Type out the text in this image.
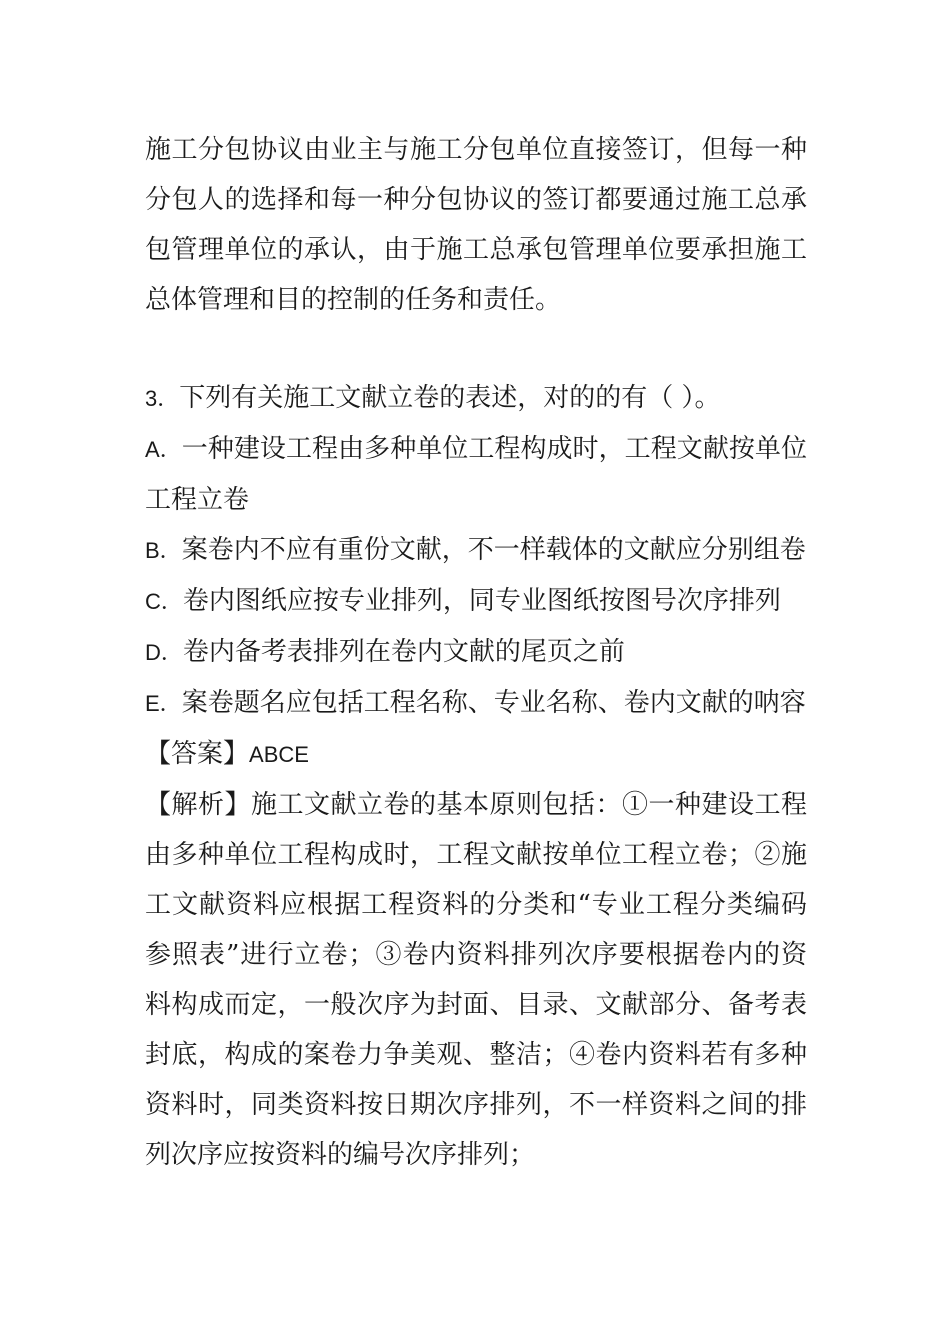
施工分包协议由业主与施工分包单位直接签订，但每一种分包人的选择和每一种分包协议的签订都要通过施工总承包管理单位的承认，由于施工总承包管理单位要承担施工总体管理和目的控制的任务和责任。

3．下列有关施工文献立卷的表述，对的的有（ ）。

A．一种建设工程由多种单位工程构成时，工程文献按单位工程立卷

B．案卷内不应有重份文献，不一样载体的文献应分别组卷

C．卷内图纸应按专业排列，同专业图纸按图号次序排列

D．卷内备考表排列在卷内文献的尾页之前

E．案卷题名应包括工程名称、专业名称、卷内文献的呐容

【答案】ABCE

【解析】施工文献立卷的基本原则包括：①一种建设工程由多种单位工程构成时，工程文献按单位工程立卷；②施工文献资料应根据工程资料的分类和“专业工程分类编码参照表”进行立卷；③卷内资料排列次序要根据卷内的资料构成而定，一般次序为封面、目录、文献部分、备考表封底，构成的案卷力争美观、整洁；④卷内资料若有多种资料时，同类资料按日期次序排列，不一样资料之间的排列次序应按资料的编号次序排列；
